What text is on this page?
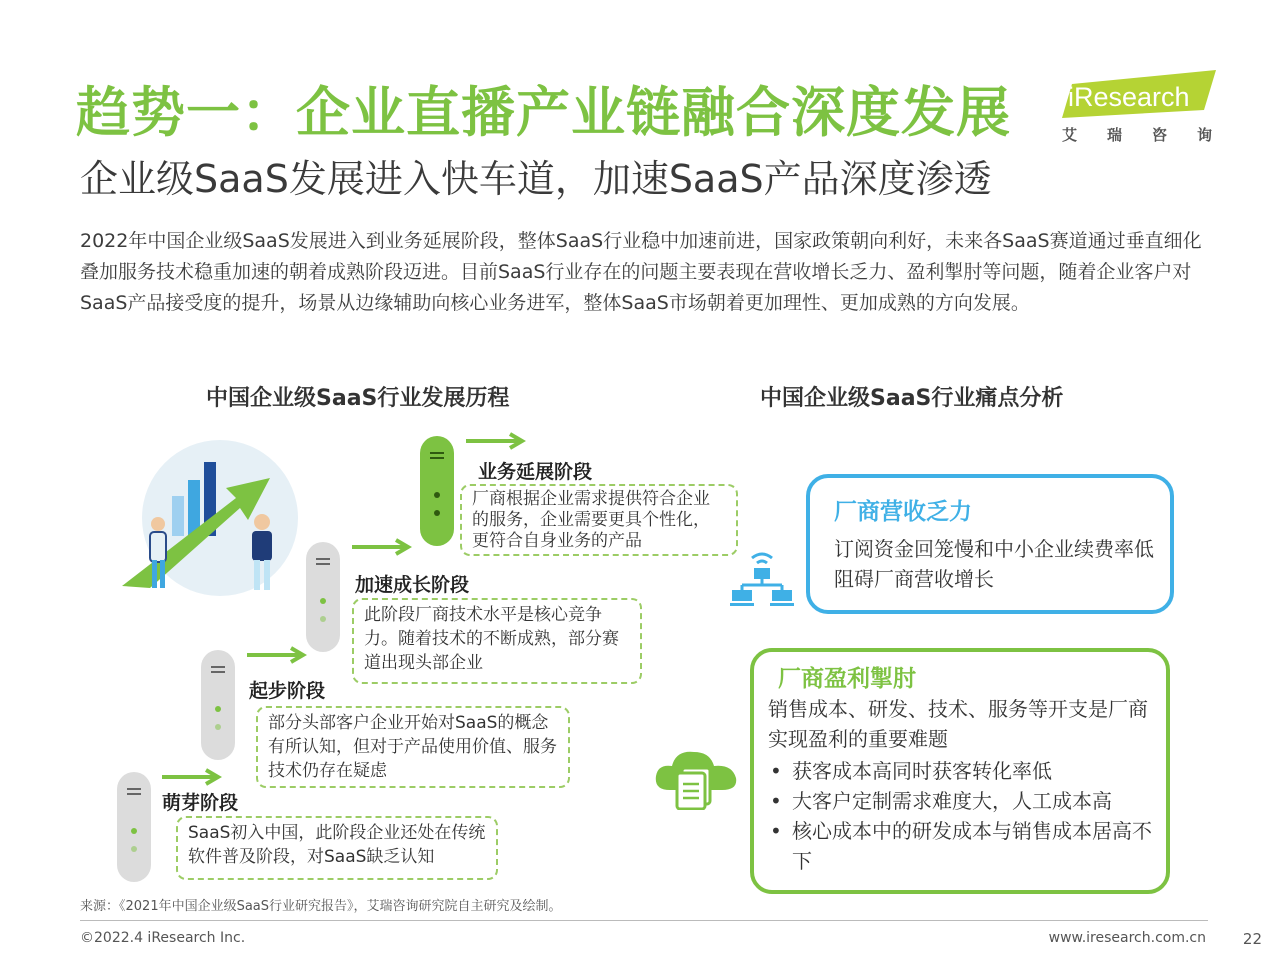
趋势一：企业直播产业链融合深度发展
企业级SaaS发展进入快车道，加速SaaS产品深度渗透
iResearch
艾 瑞 咨 询
2022年中国企业级SaaS发展进入到业务延展阶段，整体SaaS行业稳中加速前进，国家政策朝向利好，未来各SaaS赛道通过垂直细化叠加服务技术稳重加速的朝着成熟阶段迈进。目前SaaS行业存在的问题主要表现在营收增长乏力、盈利掣肘等问题，随着企业客户对SaaS产品接受度的提升，场景从边缘辅助向核心业务进军，整体SaaS市场朝着更加理性、更加成熟的方向发展。
中国企业级SaaS行业发展历程
萌芽阶段
SaaS初入中国，此阶段企业还处在传统软件普及阶段，对SaaS缺乏认知
起步阶段
部分头部客户企业开始对SaaS的概念有所认知，但对于产品使用价值、服务技术仍存在疑虑
加速成长阶段
此阶段厂商技术水平是核心竞争力。随着技术的不断成熟，部分赛道出现头部企业
业务延展阶段
厂商根据企业需求提供符合企业的服务，企业需要更具个性化，更符合自身业务的产品
中国企业级SaaS行业痛点分析
厂商营收乏力
订阅资金回笼慢和中小企业续费率低阻碍厂商营收增长
厂商盈利掣肘
销售成本、研发、技术、服务等开支是厂商实现盈利的重要难题
• 获客成本高同时获客转化率低
• 大客户定制需求难度大，人工成本高
• 核心成本中的研发成本与销售成本居高不下
来源：《2021年中国企业级SaaS行业研究报告》，艾瑞咨询研究院自主研究及绘制。
©2022.4 iResearch Inc.	www.iresearch.com.cn 22
